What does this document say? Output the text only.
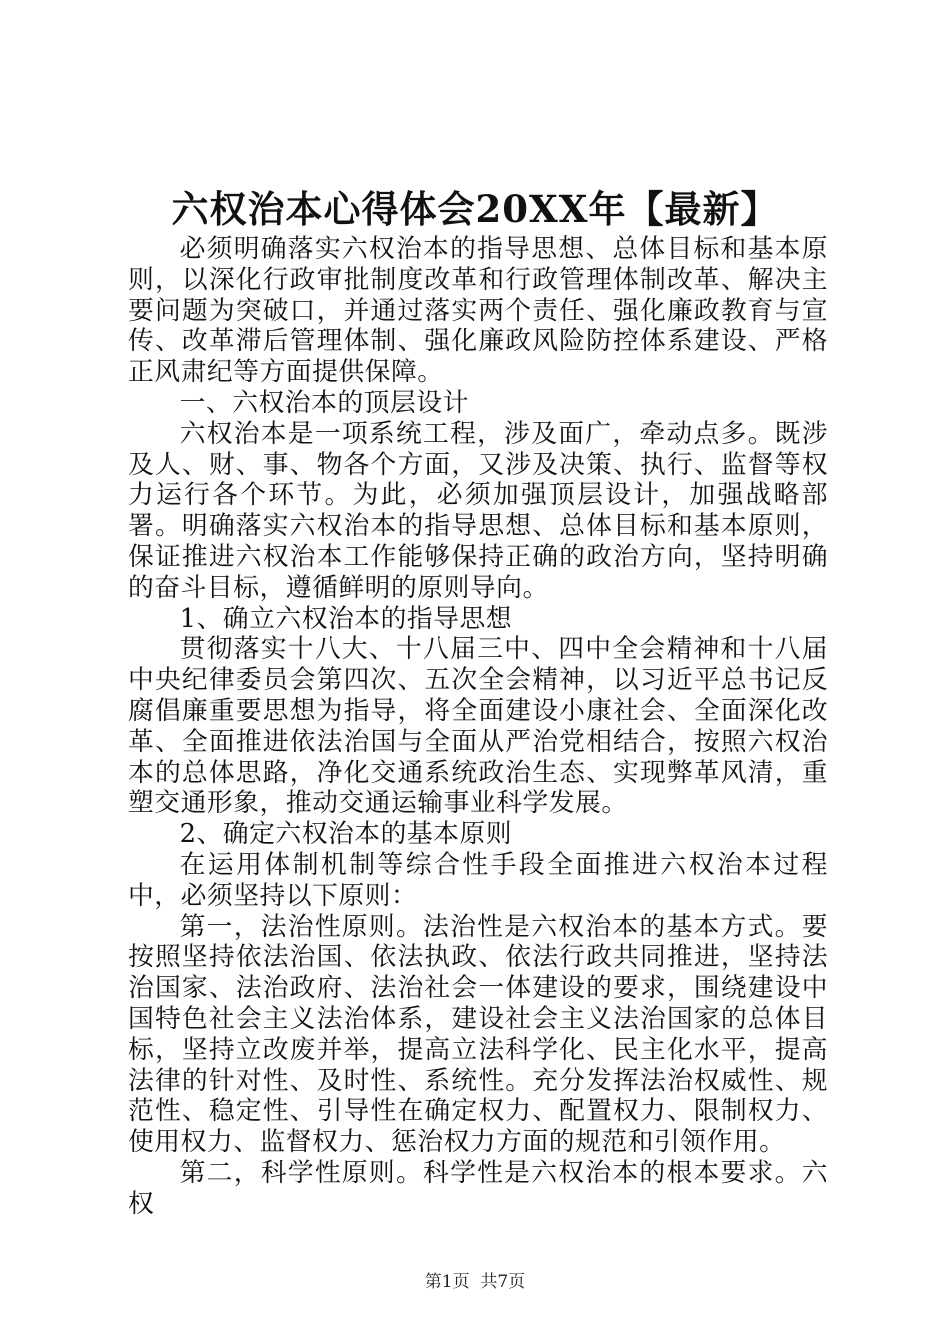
六权治本心得体会20XX年【最新】

必须明确落实六权治本的指导思想、总体目标和基本原则，以深化行政审批制度改革和行政管理体制改革、解决主要问题为突破口，并通过落实两个责任、强化廉政教育与宣传、改革滞后管理体制、强化廉政风险防控体系建设、严格正风肃纪等方面提供保障。

一、六权治本的顶层设计

六权治本是一项系统工程，涉及面广，牵动点多。既涉及人、财、事、物各个方面，又涉及决策、执行、监督等权力运行各个环节。为此，必须加强顶层设计，加强战略部署。明确落实六权治本的指导思想、总体目标和基本原则，保证推进六权治本工作能够保持正确的政治方向，坚持明确的奋斗目标，遵循鲜明的原则导向。

1、确立六权治本的指导思想

贯彻落实十八大、十八届三中、四中全会精神和十八届中央纪律委员会第四次、五次全会精神，以习近平总书记反腐倡廉重要思想为指导，将全面建设小康社会、全面深化改革、全面推进依法治国与全面从严治党相结合，按照六权治本的总体思路，净化交通系统政治生态、实现弊革风清，重塑交通形象，推动交通运输事业科学发展。

2、确定六权治本的基本原则

在运用体制机制等综合性手段全面推进六权治本过程中，必须坚持以下原则：

第一，法治性原则。法治性是六权治本的基本方式。要按照坚持依法治国、依法执政、依法行政共同推进，坚持法治国家、法治政府、法治社会一体建设的要求，围绕建设中国特色社会主义法治体系，建设社会主义法治国家的总体目标，坚持立改废并举，提高立法科学化、民主化水平，提高法律的针对性、及时性、系统性。充分发挥法治权威性、规范性、稳定性、引导性在确定权力、配置权力、限制权力、使用权力、监督权力、惩治权力方面的规范和引领作用。

第二，科学性原则。科学性是六权治本的根本要求。六权

第1页 共7页
